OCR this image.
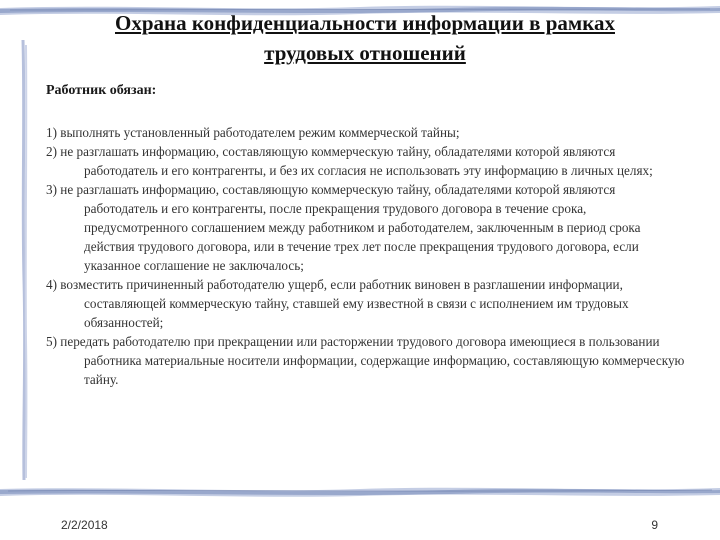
Охрана конфиденциальности информации в рамках трудовых отношений

Работник обязан:

1) выполнять установленный работодателем режим коммерческой тайны;
2) не разглашать информацию, составляющую коммерческую тайну, обладателями которой являются работодатель и его контрагенты, и без их согласия не использовать эту информацию в личных целях;
3) не разглашать информацию, составляющую коммерческую тайну, обладателями которой являются работодатель и его контрагенты, после прекращения трудового договора в течение срока, предусмотренного соглашением между работником и работодателем, заключенным в период срока действия трудового договора, или в течение трех лет после прекращения трудового договора, если указанное соглашение не заключалось;
4) возместить причиненный работодателю ущерб, если работник виновен в разглашении информации, составляющей коммерческую тайну, ставшей ему известной в связи с исполнением им трудовых обязанностей;
5) передать работодателю при прекращении или расторжении трудового договора имеющиеся в пользовании работника материальные носители информации, содержащие информацию, составляющую коммерческую тайну.
2/2/2018	9
